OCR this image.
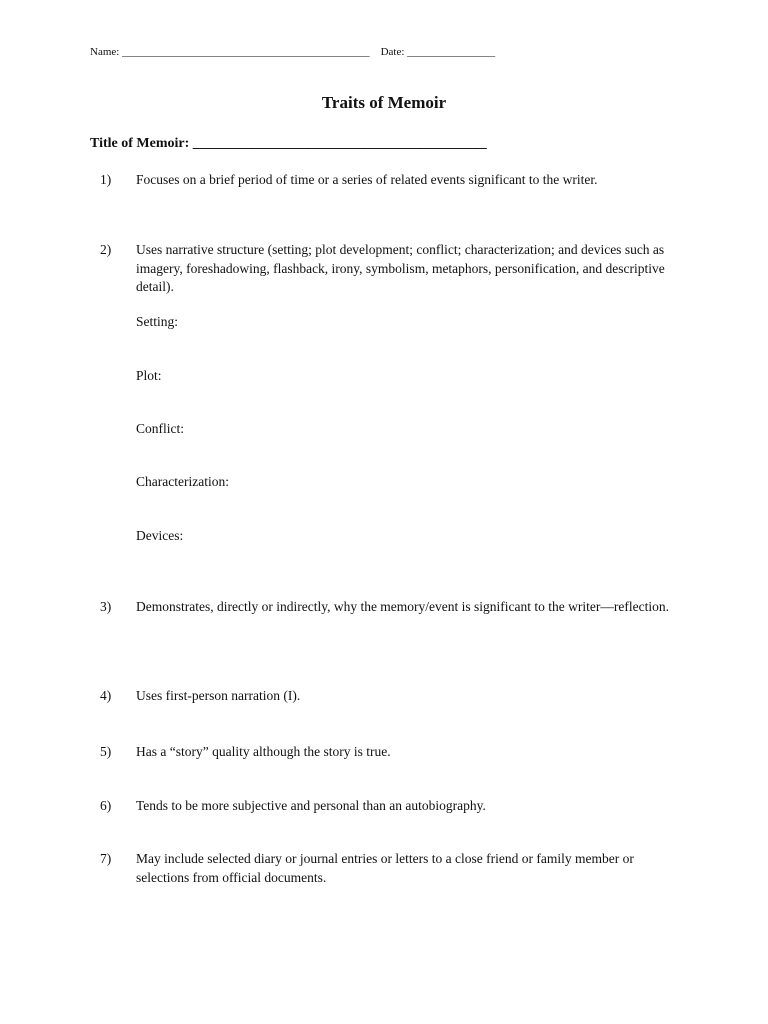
Name: _____________________________________________ Date: ________________
Traits of Memoir
Title of Memoir: __________________________________________
1) Focuses on a brief period of time or a series of related events significant to the writer.
2) Uses narrative structure (setting; plot development; conflict; characterization; and devices such as imagery, foreshadowing, flashback, irony, symbolism, metaphors, personification, and descriptive detail).
Setting:
Plot:
Conflict:
Characterization:
Devices:
3) Demonstrates, directly or indirectly, why the memory/event is significant to the writer—reflection.
4) Uses first-person narration (I).
5) Has a “story” quality although the story is true.
6) Tends to be more subjective and personal than an autobiography.
7) May include selected diary or journal entries or letters to a close friend or family member or selections from official documents.
